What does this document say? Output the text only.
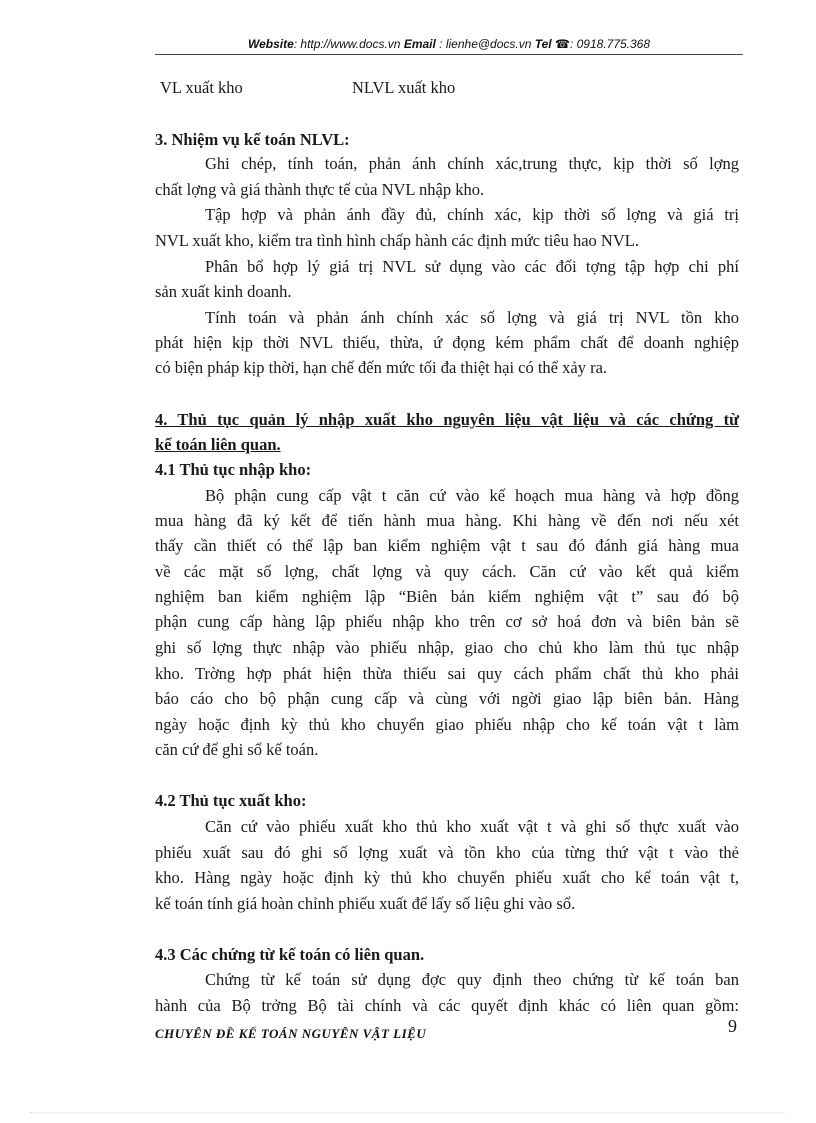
Website: http://www.docs.vn Email : lienhe@docs.vn Tel ☎: 0918.775.368
VL xuất kho	NLVL xuất kho
3. Nhiệm vụ kế toán NLVL:
Ghi chép, tính toán, phản ánh chính xác,trung thực, kịp thời số lợng
chất lợng và giá thành thực tế của NVL nhập kho.
Tập hợp và phản ánh đầy đủ, chính xác, kịp thời số lợng và giá trị
NVL xuất kho, kiểm tra tình hình chấp hành các định mức tiêu hao NVL.
Phân bổ hợp lý giá trị NVL sử dụng vào các đối tợng tập hợp chi phí
sản xuất kinh doanh.
Tính toán và phản ánh chính xác số lợng và giá trị NVL tồn kho
phát hiện kịp thời NVL thiếu, thừa, ứ đọng kém phẩm chất để doanh nghiệp
có biện pháp kịp thời, hạn chế đến mức tối đa thiệt hại có thể xảy ra.
4. Thủ tục quản lý nhập xuất kho nguyên liệu vật liệu và các chứng từ
kế toán liên quan.
4.1 Thủ tục nhập kho:
Bộ phận cung cấp vật t căn cứ vào kế hoạch mua hàng và hợp đồng
mua hàng đã ký kết để tiến hành mua hàng. Khi hàng về đến nơi nếu xét
thấy cần thiết có thể lập ban kiểm nghiệm vật t sau đó đánh giá hàng mua
về các mặt số lợng, chất lợng và quy cách. Căn cứ vào kết quả kiểm
nghiệm ban kiểm nghiệm lập “Biên bản kiểm nghiệm vật t” sau đó bộ
phận cung cấp hàng lập phiếu nhập kho trên cơ sở hoá đơn và biên bản sẽ
ghi số lợng thực nhập vào phiếu nhập, giao cho chủ kho làm thủ tục nhập
kho. Trờng hợp phát hiện thừa thiếu sai quy cách phẩm chất thủ kho phải
báo cáo cho bộ phận cung cấp và cùng với ngời giao lập biên bản. Hàng
ngày hoặc định kỳ thủ kho chuyển giao phiếu nhập cho kế toán vật t làm
căn cứ để ghi sổ kế toán.
4.2 Thủ tục xuất kho:
Căn cứ vào phiếu xuất kho thủ kho xuất vật t và ghi số thực xuất vào
phiếu xuất sau đó ghi số lợng xuất và tồn kho của từng thứ vật t vào thẻ
kho. Hàng ngày hoặc định kỳ thủ kho chuyển phiếu xuất cho kế toán vật t,
kế toán tính giá hoàn chỉnh phiếu xuất để lấy số liệu ghi vào sổ.
4.3 Các chứng từ kế toán có liên quan.
Chứng từ kế toán sử dụng đợc quy định theo chứng từ kế toán ban
hành của Bộ trởng Bộ tài chính và các quyết định khác có liên quan gồm:
CHUYÊN ĐỀ KẾ TOÁN NGUYÊN VẬT LIỆU	9
